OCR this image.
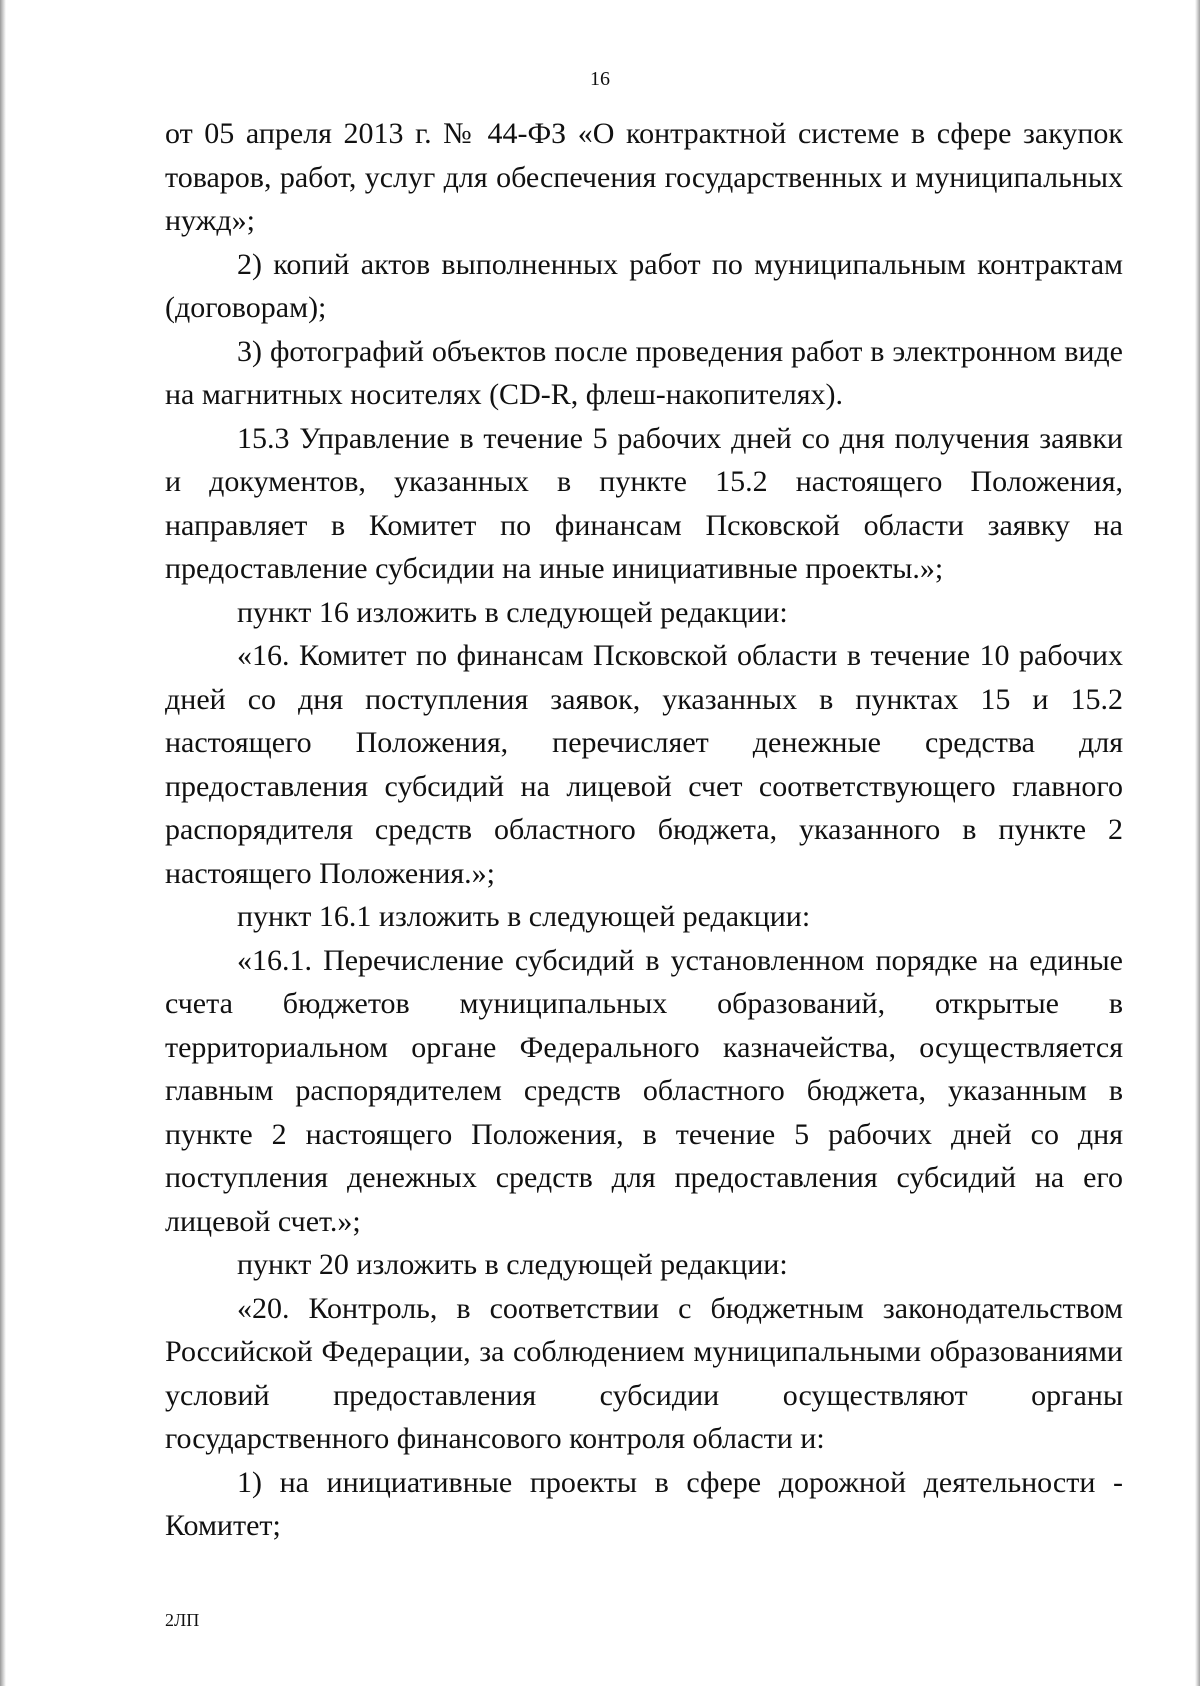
16

от 05 апреля 2013 г. № 44-ФЗ «О контрактной системе в сфере закупок товаров, работ, услуг для обеспечения государственных и муниципальных нужд»;

2) копий актов выполненных работ по муниципальным контрактам (договорам);

3) фотографий объектов после проведения работ в электронном виде на магнитных носителях (CD-R, флеш-накопителях).

15.3 Управление в течение 5 рабочих дней со дня получения заявки и документов, указанных в пункте 15.2 настоящего Положения, направляет в Комитет по финансам Псковской области заявку на предоставление субсидии на иные инициативные проекты.»;

пункт 16 изложить в следующей редакции:

«16. Комитет по финансам Псковской области в течение 10 рабочих дней со дня поступления заявок, указанных в пунктах 15 и 15.2 настоящего Положения, перечисляет денежные средства для предоставления субсидий на лицевой счет соответствующего главного распорядителя средств областного бюджета, указанного в пункте 2 настоящего Положения.»;

пункт 16.1 изложить в следующей редакции:

«16.1. Перечисление субсидий в установленном порядке на единые счета бюджетов муниципальных образований, открытые в территориальном органе Федерального казначейства, осуществляется главным распорядителем средств областного бюджета, указанным в пункте 2 настоящего Положения, в течение 5 рабочих дней со дня поступления денежных средств для предоставления субсидий на его лицевой счет.»;

пункт 20 изложить в следующей редакции:

«20. Контроль, в соответствии с бюджетным законодательством Российской Федерации, за соблюдением муниципальными образованиями условий предоставления субсидии осуществляют органы государственного финансового контроля области и:

1) на инициативные проекты в сфере дорожной деятельности - Комитет;

2ЛП
